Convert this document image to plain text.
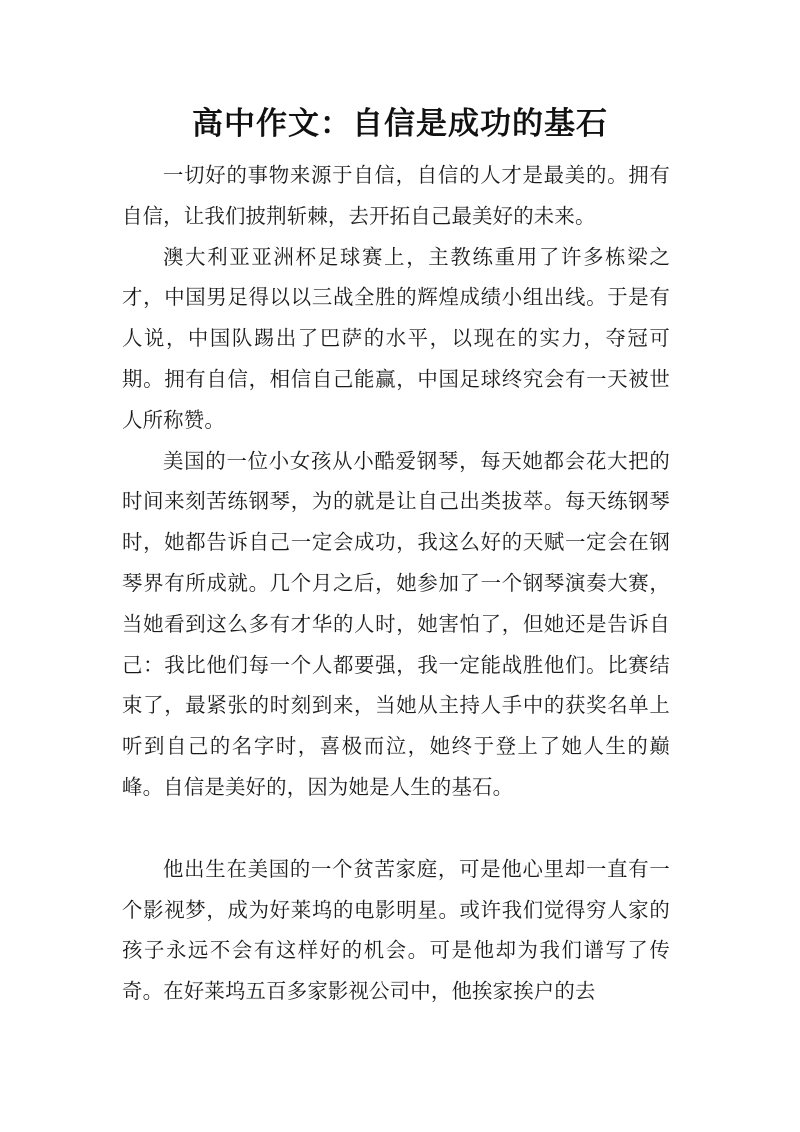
高中作文：自信是成功的基石

一切好的事物来源于自信，自信的人才是最美的。拥有自信，让我们披荆斩棘，去开拓自己最美好的未来。

澳大利亚亚洲杯足球赛上，主教练重用了许多栋梁之才，中国男足得以以三战全胜的辉煌成绩小组出线。于是有人说，中国队踢出了巴萨的水平，以现在的实力，夺冠可期。拥有自信，相信自己能赢，中国足球终究会有一天被世人所称赞。

美国的一位小女孩从小酷爱钢琴，每天她都会花大把的时间来刻苦练钢琴，为的就是让自己出类拔萃。每天练钢琴时，她都告诉自己一定会成功，我这么好的天赋一定会在钢琴界有所成就。几个月之后，她参加了一个钢琴演奏大赛，当她看到这么多有才华的人时，她害怕了，但她还是告诉自己：我比他们每一个人都要强，我一定能战胜他们。比赛结束了，最紧张的时刻到来，当她从主持人手中的获奖名单上听到自己的名字时，喜极而泣，她终于登上了她人生的巅峰。自信是美好的，因为她是人生的基石。

他出生在美国的一个贫苦家庭，可是他心里却一直有一个影视梦，成为好莱坞的电影明星。或许我们觉得穷人家的孩子永远不会有这样好的机会。可是他却为我们谱写了传奇。在好莱坞五百多家影视公司中，他挨家挨户的去
